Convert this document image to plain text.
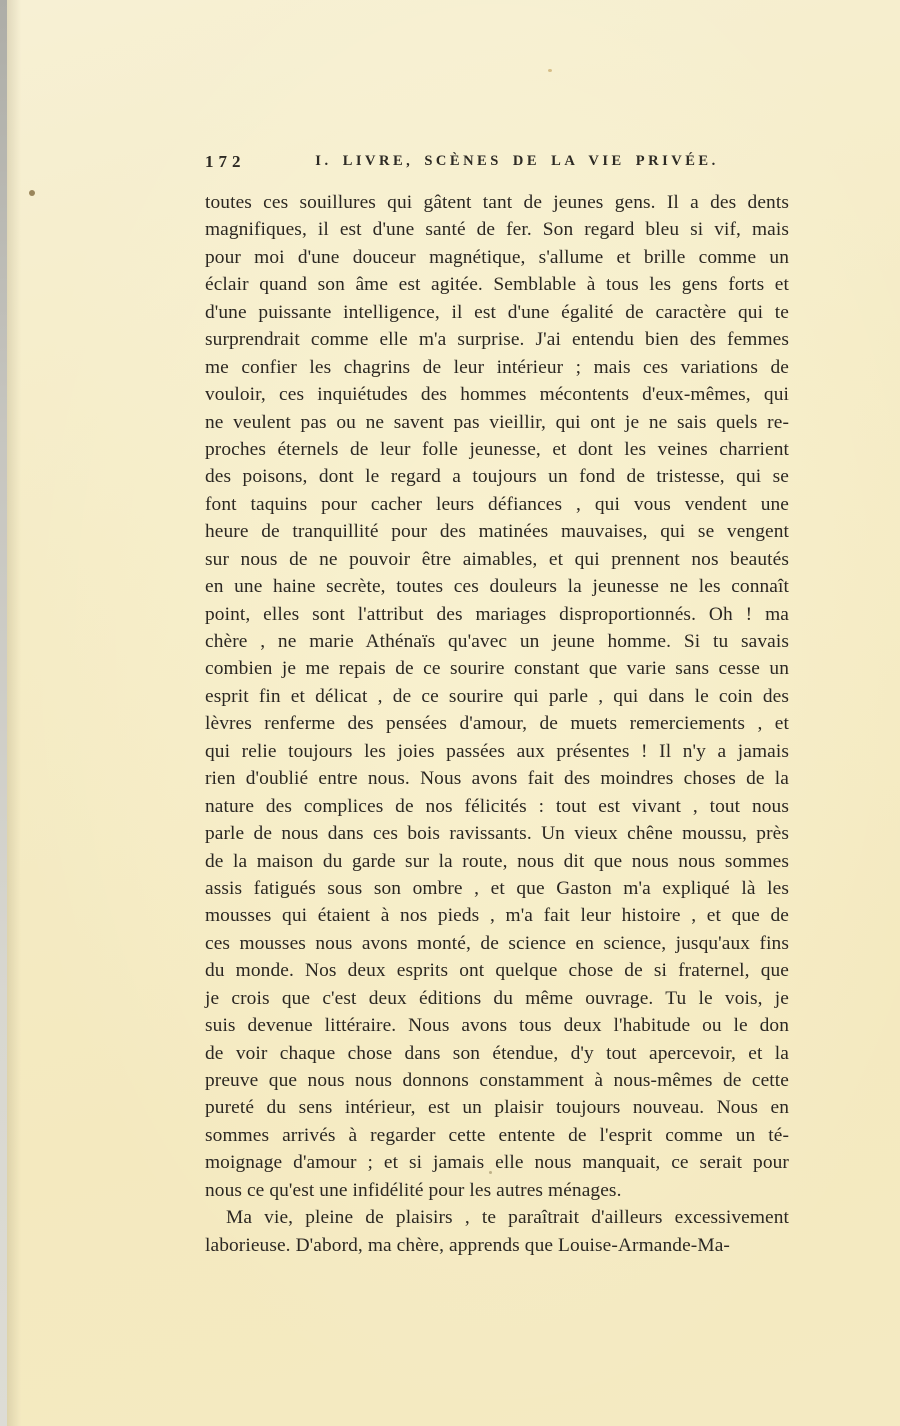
172	I. LIVRE, SCÈNES DE LA VIE PRIVÉE.
toutes ces souillures qui gâtent tant de jeunes gens. Il a des dents
magnifiques, il est d'une santé de fer. Son regard bleu si vif, mais
pour moi d'une douceur magnétique, s'allume et brille comme un
éclair quand son âme est agitée. Semblable à tous les gens forts et
d'une puissante intelligence, il est d'une égalité de caractère qui te
surprendrait comme elle m'a surprise. J'ai entendu bien des femmes
me confier les chagrins de leur intérieur ; mais ces variations de
vouloir, ces inquiétudes des hommes mécontents d'eux-mêmes, qui
ne veulent pas ou ne savent pas vieillir, qui ont je ne sais quels re-
proches éternels de leur folle jeunesse, et dont les veines charrient
des poisons, dont le regard a toujours un fond de tristesse, qui se
font taquins pour cacher leurs défiances , qui vous vendent une
heure de tranquillité pour des matinées mauvaises, qui se vengent
sur nous de ne pouvoir être aimables, et qui prennent nos beautés
en une haine secrète, toutes ces douleurs la jeunesse ne les connaît
point, elles sont l'attribut des mariages disproportionnés. Oh ! ma
chère , ne marie Athénaïs qu'avec un jeune homme. Si tu savais
combien je me repais de ce sourire constant que varie sans cesse un
esprit fin et délicat , de ce sourire qui parle , qui dans le coin des
lèvres renferme des pensées d'amour, de muets remerciements , et
qui relie toujours les joies passées aux présentes ! Il n'y a jamais
rien d'oublié entre nous. Nous avons fait des moindres choses de la
nature des complices de nos félicités : tout est vivant , tout nous
parle de nous dans ces bois ravissants. Un vieux chêne moussu, près
de la maison du garde sur la route, nous dit que nous nous sommes
assis fatigués sous son ombre , et que Gaston m'a expliqué là les
mousses qui étaient à nos pieds , m'a fait leur histoire , et que de
ces mousses nous avons monté, de science en science, jusqu'aux fins
du monde. Nos deux esprits ont quelque chose de si fraternel, que
je crois que c'est deux éditions du même ouvrage. Tu le vois, je
suis devenue littéraire. Nous avons tous deux l'habitude ou le don
de voir chaque chose dans son étendue, d'y tout apercevoir, et la
preuve que nous nous donnons constamment à nous-mêmes de cette
pureté du sens intérieur, est un plaisir toujours nouveau. Nous en
sommes arrivés à regarder cette entente de l'esprit comme un té-
moignage d'amour ; et si jamais elle nous manquait, ce serait pour
nous ce qu'est une infidélité pour les autres ménages.
Ma vie, pleine de plaisirs , te paraîtrait d'ailleurs excessivement
laborieuse. D'abord, ma chère, apprends que Louise-Armande-Ma-
